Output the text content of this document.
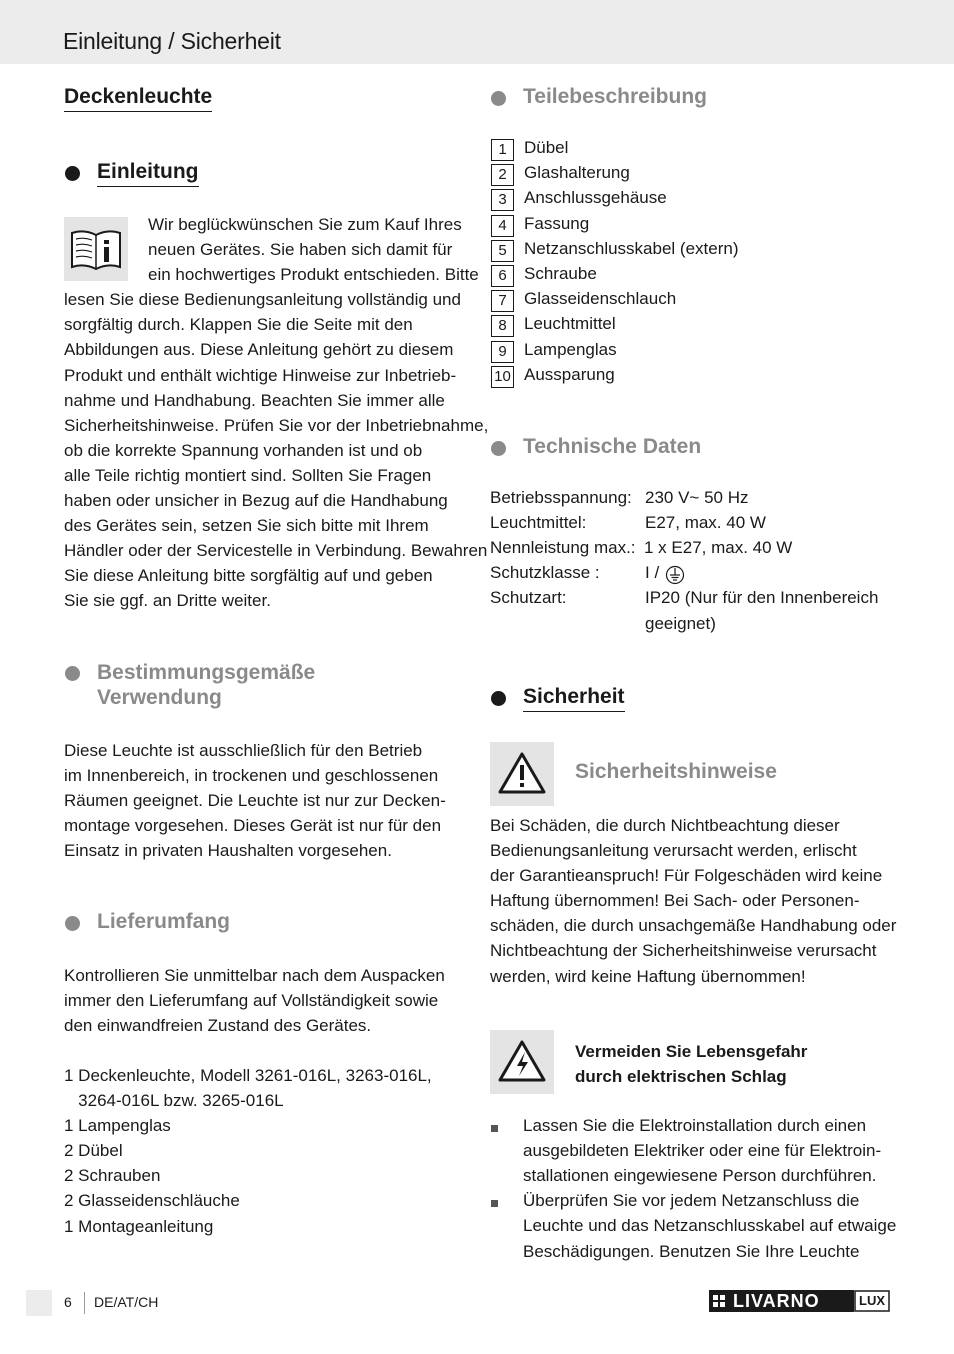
Einleitung / Sicherheit
Deckenleuchte
Einleitung
Wir beglückwünschen Sie zum Kauf Ihres
neuen Gerätes. Sie haben sich damit für
ein hochwertiges Produkt entschieden. Bitte
lesen Sie diese Bedienungsanleitung vollständig und
sorgfältig durch. Klappen Sie die Seite mit den
Abbildungen aus. Diese Anleitung gehört zu diesem
Produkt und enthält wichtige Hinweise zur Inbetrieb-
nahme und Handhabung. Beachten Sie immer alle
Sicherheitshinweise. Prüfen Sie vor der Inbetriebnahme,
ob die korrekte Spannung vorhanden ist und ob
alle Teile richtig montiert sind. Sollten Sie Fragen
haben oder unsicher in Bezug auf die Handhabung
des Gerätes sein, setzen Sie sich bitte mit Ihrem
Händler oder der Servicestelle in Verbindung. Bewahren
Sie diese Anleitung bitte sorgfältig auf und geben
Sie sie ggf. an Dritte weiter.
Bestimmungsgemäße
Verwendung
Diese Leuchte ist ausschließlich für den Betrieb
im Innenbereich, in trockenen und geschlossenen
Räumen geeignet. Die Leuchte ist nur zur Decken-
montage vorgesehen. Dieses Gerät ist nur für den
Einsatz in privaten Haushalten vorgesehen.
Lieferumfang
Kontrollieren Sie unmittelbar nach dem Auspacken
immer den Lieferumfang auf Vollständigkeit sowie
den einwandfreien Zustand des Gerätes.
1 Deckenleuchte, Modell 3261-016L, 3263-016L,
3264-016L bzw. 3265-016L
1 Lampenglas
2 Dübel
2 Schrauben
2 Glasseidenschläuche
1 Montageanleitung
Teilebeschreibung
1	Dübel
2	Glashalterung
3	Anschlussgehäuse
4	Fassung
5	Netzanschlusskabel (extern)
6	Schraube
7	Glasseidenschlauch
8	Leuchtmittel
9	Lampenglas
10 Aussparung
Technische Daten
Betriebsspannung: 230 V~ 50 Hz
Leuchtmittel:	E27, max. 40 W
Nennleistung max.: 1 x E27, max. 40 W
Schutzklasse :	I /
Schutzart:	IP20 (Nur für den Innenbereich
geeignet)
Sicherheit
Sicherheitshinweise
Bei Schäden, die durch Nichtbeachtung dieser
Bedienungsanleitung verursacht werden, erlischt
der Garantieanspruch! Für Folgeschäden wird keine
Haftung übernommen! Bei Sach- oder Personen-
schäden, die durch unsachgemäße Handhabung oder
Nichtbeachtung der Sicherheitshinweise verursacht
werden, wird keine Haftung übernommen!
Vermeiden Sie Lebensgefahr
durch elektrischen Schlag
Lassen Sie die Elektroinstallation durch einen
ausgebildeten Elektriker oder eine für Elektroin-
stallationen eingewiesene Person durchführen.
Überprüfen Sie vor jedem Netzanschluss die
Leuchte und das Netzanschlusskabel auf etwaige
Beschädigungen. Benutzen Sie Ihre Leuchte
6 DE/AT/CH	LIVARNO	LUX
